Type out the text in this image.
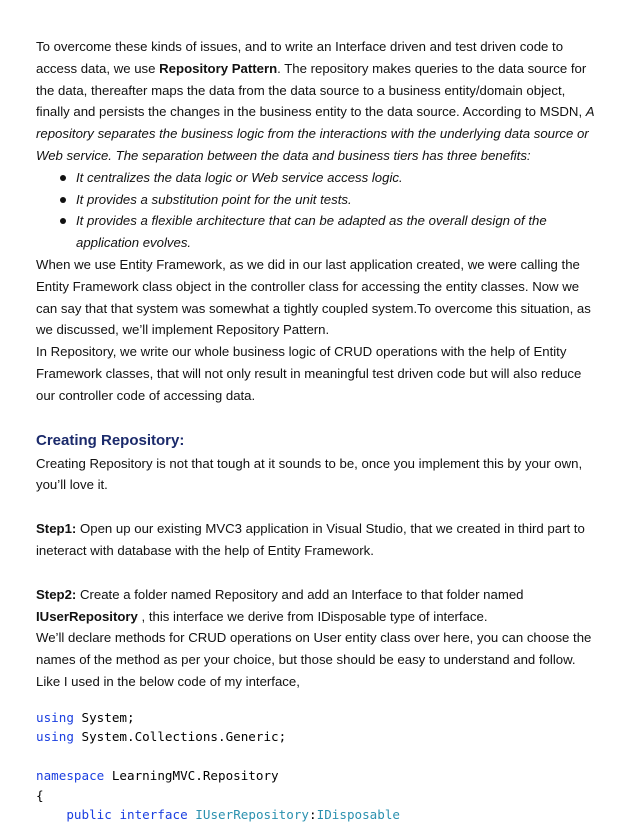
To overcome these kinds of issues, and to write an Interface driven and test driven code to access data, we use Repository Pattern. The repository makes queries to the data source for the data, thereafter maps the data from the data source to a business entity/domain object, finally and persists the changes in the business entity to the data source. According to MSDN, A repository separates the business logic from the interactions with the underlying data source or Web service. The separation between the data and business tiers has three benefits:

It centralizes the data logic or Web service access logic.
It provides a substitution point for the unit tests.
It provides a flexible architecture that can be adapted as the overall design of the application evolves.

When we use Entity Framework, as we did in our last application created, we were calling the Entity Framework class object in the controller class for accessing the entity classes. Now we can say that that system was somewhat a tightly coupled system.To overcome this situation, as we discussed, we’ll implement Repository Pattern.

In Repository, we write our whole business logic of CRUD operations with the help of Entity Framework classes, that will not only result in meaningful test driven code but will also reduce our controller code of accessing data.

Creating Repository:

Creating Repository is not that tough at it sounds to be, once you implement this by your own, you’ll love it.

Step1: Open up our existing MVC3 application in Visual Studio, that we created in third part to ineteract with database with the help of Entity Framework.

Step2: Create a folder named Repository and add an Interface to that folder named IUserRepository , this interface we derive from IDisposable type of interface.

We’ll declare methods for CRUD operations on User entity class over here, you can choose the names of the method as per your choice, but those should be easy to understand and follow.

Like I used in the below code of my interface,

using System;
using System.Collections.Generic;
namespace LearningMVC.Repository
{
public interface IUserRepository:IDisposable
